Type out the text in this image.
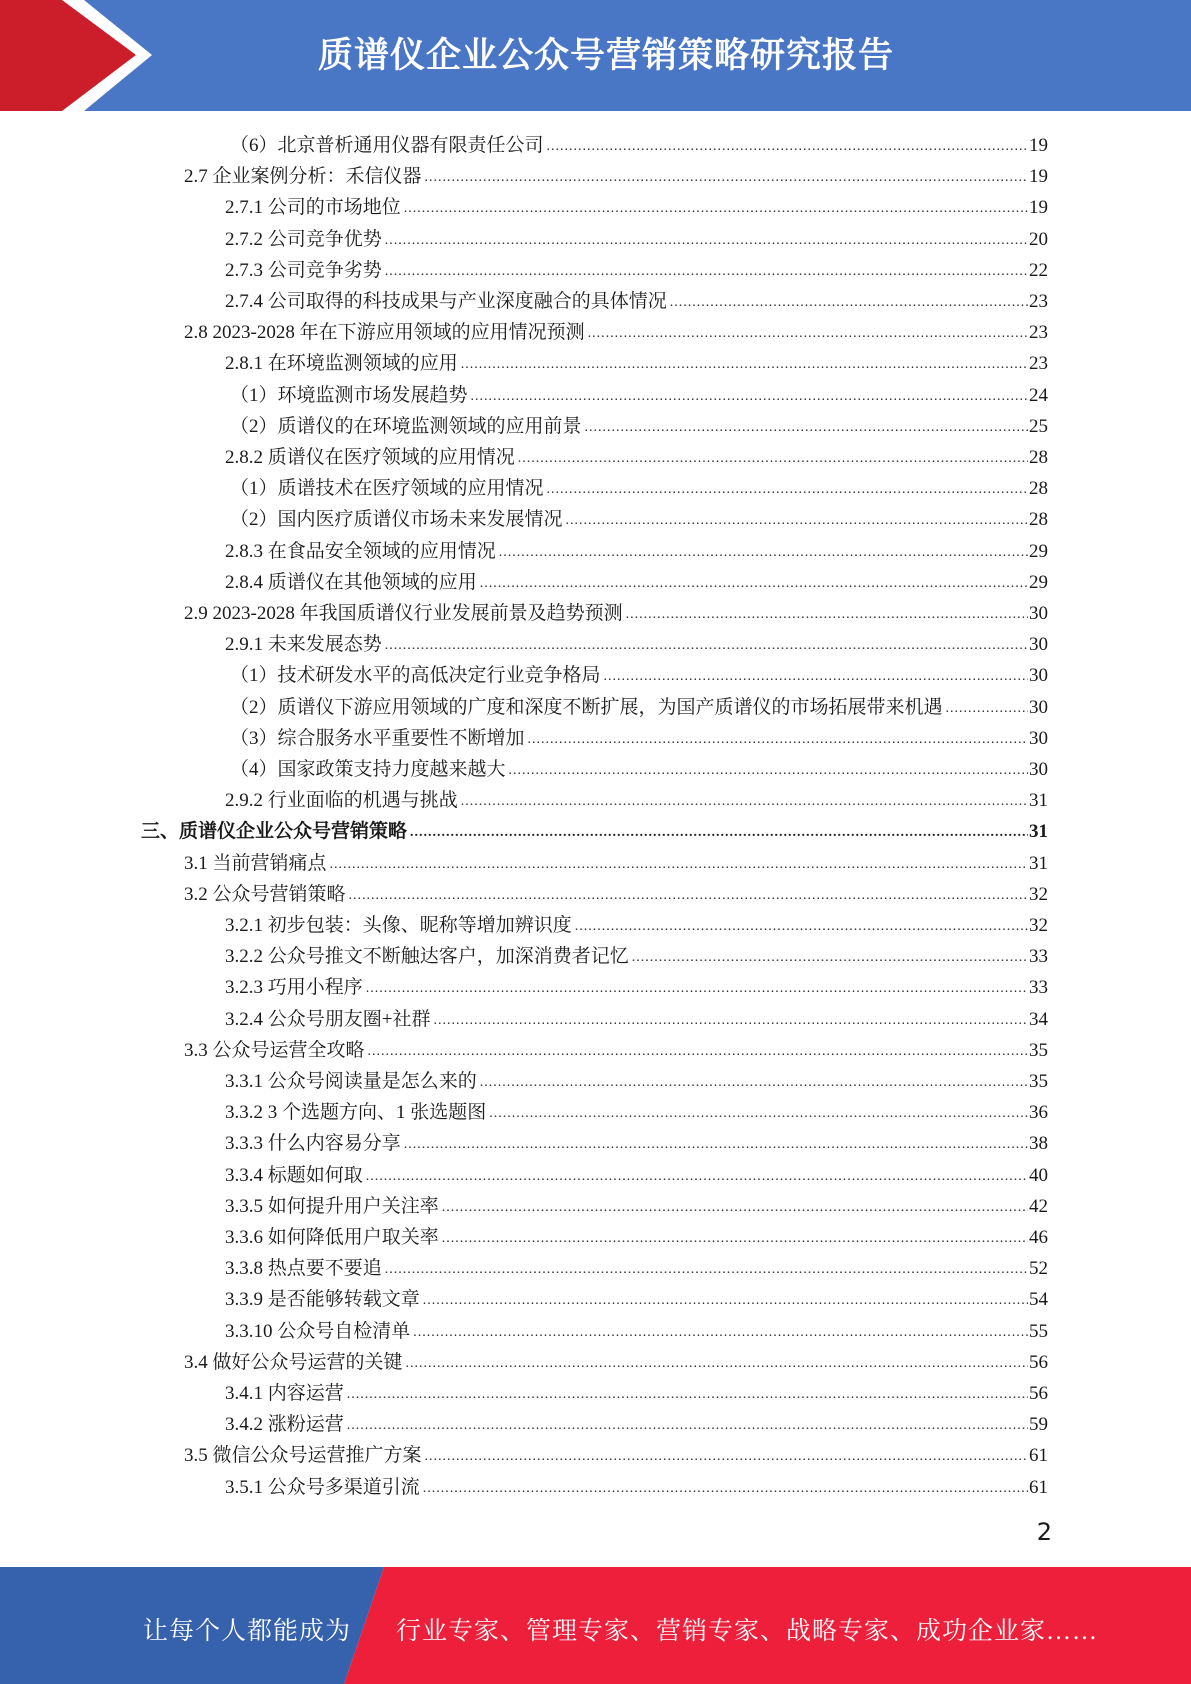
质谱仪企业公众号营销策略研究报告
（6）北京普析通用仪器有限责任公司 .....	19
2.7 企业案例分析：禾信仪器 .....	19
2.7.1 公司的市场地位 .....	19
2.7.2 公司竞争优势 .....	20
2.7.3 公司竞争劣势 .....	22
2.7.4 公司取得的科技成果与产业深度融合的具体情况 .....	23
2.8 2023-2028 年在下游应用领域的应用情况预测 .....	23
2.8.1 在环境监测领域的应用 .....	23
（1）环境监测市场发展趋势 .....	24
（2）质谱仪的在环境监测领域的应用前景 .....	25
2.8.2 质谱仪在医疗领域的应用情况 .....	28
（1）质谱技术在医疗领域的应用情况 .....	28
（2）国内医疗质谱仪市场未来发展情况 .....	28
2.8.3 在食品安全领域的应用情况 .....	29
2.8.4 质谱仪在其他领域的应用 .....	29
2.9 2023-2028 年我国质谱仪行业发展前景及趋势预测 .....	30
2.9.1 未来发展态势 .....	30
（1）技术研发水平的高低决定行业竞争格局 .....	30
（2）质谱仪下游应用领域的广度和深度不断扩展，为国产质谱仪的市场拓展带来机遇 .....	30
（3）综合服务水平重要性不断增加 .....	30
（4）国家政策支持力度越来越大 .....	30
2.9.2 行业面临的机遇与挑战 .....	31
三、质谱仪企业公众号营销策略 .....	31
3.1 当前营销痛点 .....	31
3.2 公众号营销策略 .....	32
3.2.1 初步包装：头像、昵称等增加辨识度 .....	32
3.2.2 公众号推文不断触达客户，加深消费者记忆 .....	33
3.2.3 巧用小程序 .....	33
3.2.4 公众号朋友圈+社群 .....	34
3.3 公众号运营全攻略 .....	35
3.3.1 公众号阅读量是怎么来的 .....	35
3.3.2 3 个选题方向、1 张选题图 .....	36
3.3.3 什么内容易分享 .....	38
3.3.4 标题如何取 .....	40
3.3.5 如何提升用户关注率 .....	42
3.3.6 如何降低用户取关率 .....	46
3.3.8 热点要不要追 .....	52
3.3.9 是否能够转载文章 .....	54
3.3.10 公众号自检清单 .....	55
3.4 做好公众号运营的关键 .....	56
3.4.1 内容运营 .....	56
3.4.2 涨粉运营 .....	59
3.5 微信公众号运营推广方案 .....	61
3.5.1 公众号多渠道引流 .....	61
2
让每个人都能成为 行业专家、管理专家、营销专家、战略专家、成功企业家……
